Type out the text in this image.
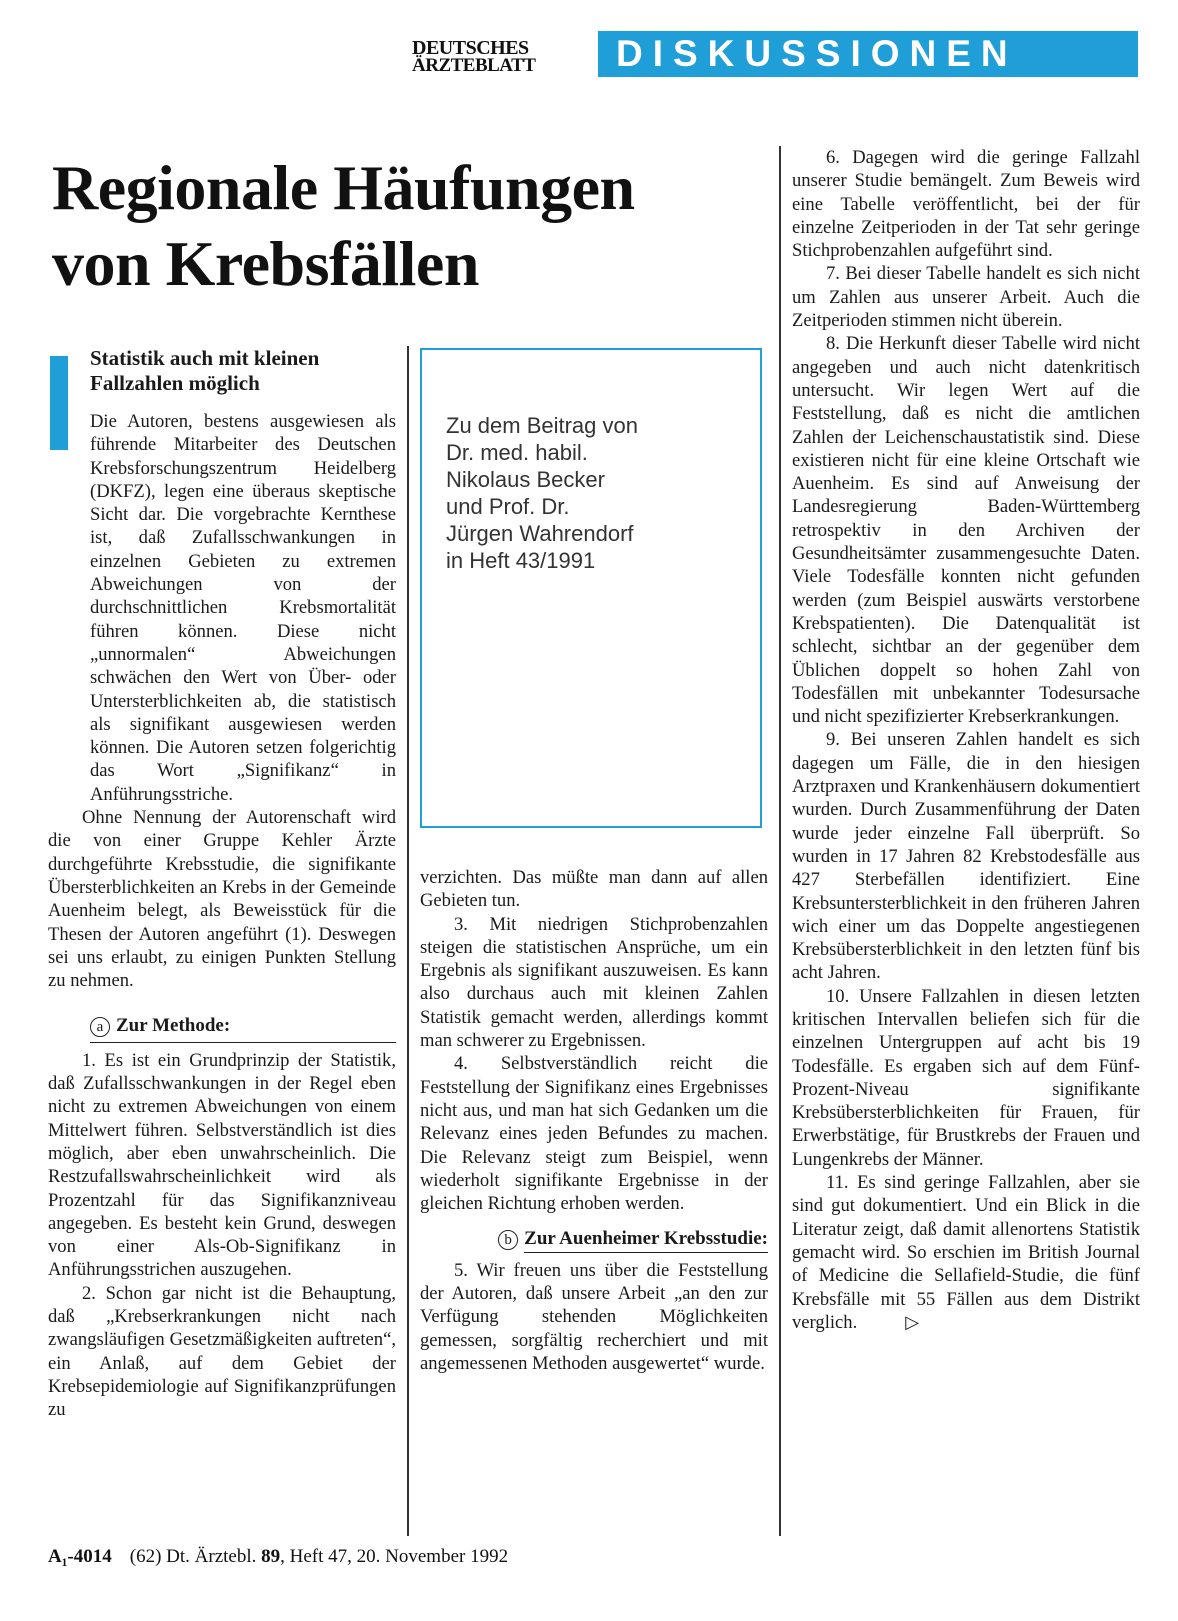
DEUTSCHES
ÄRZTEBLATT	DISKUSSIONEN
Regionale Häufungen
von Krebsfällen

Statistik auch mit kleinen Fallzahlen möglich

Die Autoren, bestens ausgewiesen als führende Mitarbeiter des Deutschen Krebsforschungszentrum Heidelberg (DKFZ), legen eine überaus skeptische Sicht dar. Die vorgebrachte Kernthese ist, daß Zufallsschwankungen in einzelnen Gebieten zu extremen Abweichungen von der durchschnittlichen Krebsmortalität führen können. Diese nicht „unnormalen“ Abweichungen schwächen den Wert von Über- oder Untersterblichkeiten ab, die statistisch als signifikant ausgewiesen werden können. Die Autoren setzen folgerichtig das Wort „Signifikanz“ in Anführungsstriche.

Ohne Nennung der Autorenschaft wird die von einer Gruppe Kehler Ärzte durchgeführte Krebsstudie, die signifikante Übersterblichkeiten an Krebs in der Gemeinde Auenheim belegt, als Beweisstück für die Thesen der Autoren angeführt (1). Deswegen sei uns erlaubt, zu einigen Punkten Stellung zu nehmen.

a Zur Methode:

1. Es ist ein Grundprinzip der Statistik, daß Zufallsschwankungen in der Regel eben nicht zu extremen Abweichungen von einem Mittelwert führen. Selbstverständlich ist dies möglich, aber eben unwahrscheinlich. Die Restzufallswahrscheinlichkeit wird als Prozentzahl für das Signifikanzniveau angegeben. Es besteht kein Grund, deswegen von einer Als-Ob-Signifikanz in Anführungsstrichen auszugehen.

2. Schon gar nicht ist die Behauptung, daß „Krebserkrankungen nicht nach zwangsläufigen Gesetzmäßigkeiten auftreten“, ein Anlaß, auf dem Gebiet der Krebsepidemiologie auf Signifikanzprüfungen zu

Zu dem Beitrag von
Dr. med. habil.
Nikolaus Becker
und Prof. Dr.
Jürgen Wahrendorf
in Heft 43/1991

verzichten. Das müßte man dann auf allen Gebieten tun.

3. Mit niedrigen Stichprobenzahlen steigen die statistischen Ansprüche, um ein Ergebnis als signifikant auszuweisen. Es kann also durchaus auch mit kleinen Zahlen Statistik gemacht werden, allerdings kommt man schwerer zu Ergebnissen.

4. Selbstverständlich reicht die Feststellung der Signifikanz eines Ergebnisses nicht aus, und man hat sich Gedanken um die Relevanz eines jeden Befundes zu machen. Die Relevanz steigt zum Beispiel, wenn wiederholt signifikante Ergebnisse in der gleichen Richtung erhoben werden.

b Zur Auenheimer Krebsstudie:

5. Wir freuen uns über die Feststellung der Autoren, daß unsere Arbeit „an den zur Verfügung stehenden Möglichkeiten gemessen, sorgfältig recherchiert und mit angemessenen Methoden ausgewertet“ wurde.

6. Dagegen wird die geringe Fallzahl unserer Studie bemängelt. Zum Beweis wird eine Tabelle veröffentlicht, bei der für einzelne Zeitperioden in der Tat sehr geringe Stichprobenzahlen aufgeführt sind.

7. Bei dieser Tabelle handelt es sich nicht um Zahlen aus unserer Arbeit. Auch die Zeitperioden stimmen nicht überein.

8. Die Herkunft dieser Tabelle wird nicht angegeben und auch nicht datenkritisch untersucht. Wir legen Wert auf die Feststellung, daß es nicht die amtlichen Zahlen der Leichenschaustatistik sind. Diese existieren nicht für eine kleine Ortschaft wie Auenheim. Es sind auf Anweisung der Landesregierung Baden-Württemberg retrospektiv in den Archiven der Gesundheitsämter zusammengesuchte Daten. Viele Todesfälle konnten nicht gefunden werden (zum Beispiel auswärts verstorbene Krebspatienten). Die Datenqualität ist schlecht, sichtbar an der gegenüber dem Üblichen doppelt so hohen Zahl von Todesfällen mit unbekannter Todesursache und nicht spezifizierter Krebserkrankungen.

9. Bei unseren Zahlen handelt es sich dagegen um Fälle, die in den hiesigen Arztpraxen und Krankenhäusern dokumentiert wurden. Durch Zusammenführung der Daten wurde jeder einzelne Fall überprüft. So wurden in 17 Jahren 82 Krebstodesfälle aus 427 Sterbefällen identifiziert. Eine Krebsuntersterblichkeit in den früheren Jahren wich einer um das Doppelte angestiegenen Krebsübersterblichkeit in den letzten fünf bis acht Jahren.

10. Unsere Fallzahlen in diesen letzten kritischen Intervallen beliefen sich für die einzelnen Untergruppen auf acht bis 19 Todesfälle. Es ergaben sich auf dem Fünf-Prozent-Niveau signifikante Krebsübersterblichkeiten für Frauen, für Erwerbstätige, für Brustkrebs der Frauen und Lungenkrebs der Männer.

11. Es sind geringe Fallzahlen, aber sie sind gut dokumentiert. Und ein Blick in die Literatur zeigt, daß damit allenortens Statistik gemacht wird. So erschien im British Journal of Medicine die Sellafield-Studie, die fünf Krebsfälle mit 55 Fällen aus dem Distrikt verglich.	▷

A₁-4014 (62) Dt. Ärztebl. 89, Heft 47, 20. November 1992
